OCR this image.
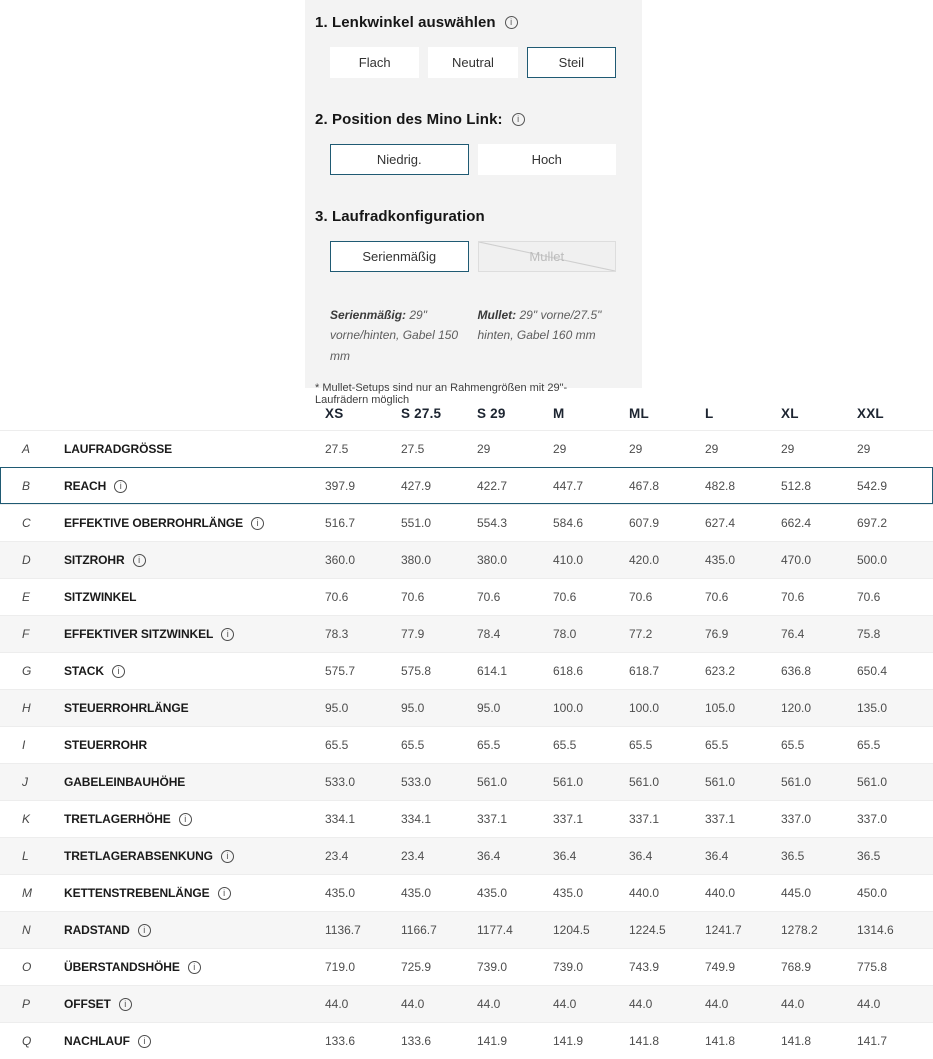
1. Lenkwinkel auswählen	i
Flach	Neutral	Steil
2. Position des Mino Link:	i
Niedrig.	Hoch
3. Laufradkonfiguration
Serienmäßig	Mullet
Serienmäßig: 29" vorne/hinten, Gabel 150 mm
Mullet: 29" vorne/27.5" hinten, Gabel 160 mm
* Mullet-Setups sind nur an Rahmengrößen mit 29"-Laufrädern möglich
XS	S 27.5	S 29	M	ML	L	XL	XXL
A	LAUFRADGRÖSSE	27.5	27.5	29	29	29	29	29	29
B	REACH	i	397.9	427.9	422.7	447.7	467.8	482.8	512.8	542.9
C	EFFEKTIVE OBERROHRLÄNGE	i	516.7	551.0	554.3	584.6	607.9	627.4	662.4	697.2
D	SITZROHR	i	360.0	380.0	380.0	410.0	420.0	435.0	470.0	500.0
E	SITZWINKEL	70.6	70.6	70.6	70.6	70.6	70.6	70.6	70.6
F	EFFEKTIVER SITZWINKEL	i	78.3	77.9	78.4	78.0	77.2	76.9	76.4	75.8
G	STACK	i	575.7	575.8	614.1	618.6	618.7	623.2	636.8	650.4
H	STEUERROHRLÄNGE	95.0	95.0	95.0	100.0	100.0	105.0	120.0	135.0
I	STEUERROHR	65.5	65.5	65.5	65.5	65.5	65.5	65.5	65.5
J	GABELEINBAUHÖHE	533.0	533.0	561.0	561.0	561.0	561.0	561.0	561.0
K	TRETLAGERHÖHE	i	334.1	334.1	337.1	337.1	337.1	337.1	337.0	337.0
L	TRETLAGERABSENKUNG	i	23.4	23.4	36.4	36.4	36.4	36.4	36.5	36.5
M	KETTENSTREBENLÄNGE	i	435.0	435.0	435.0	435.0	440.0	440.0	445.0	450.0
N	RADSTAND	i	1136.7	1166.7	1177.4	1204.5	1224.5	1241.7	1278.2	1314.6
O	ÜBERSTANDSHÖHE	i	719.0	725.9	739.0	739.0	743.9	749.9	768.9	775.8
P	OFFSET	i	44.0	44.0	44.0	44.0	44.0	44.0	44.0	44.0
Q	NACHLAUF	i	133.6	133.6	141.9	141.9	141.8	141.8	141.8	141.7
